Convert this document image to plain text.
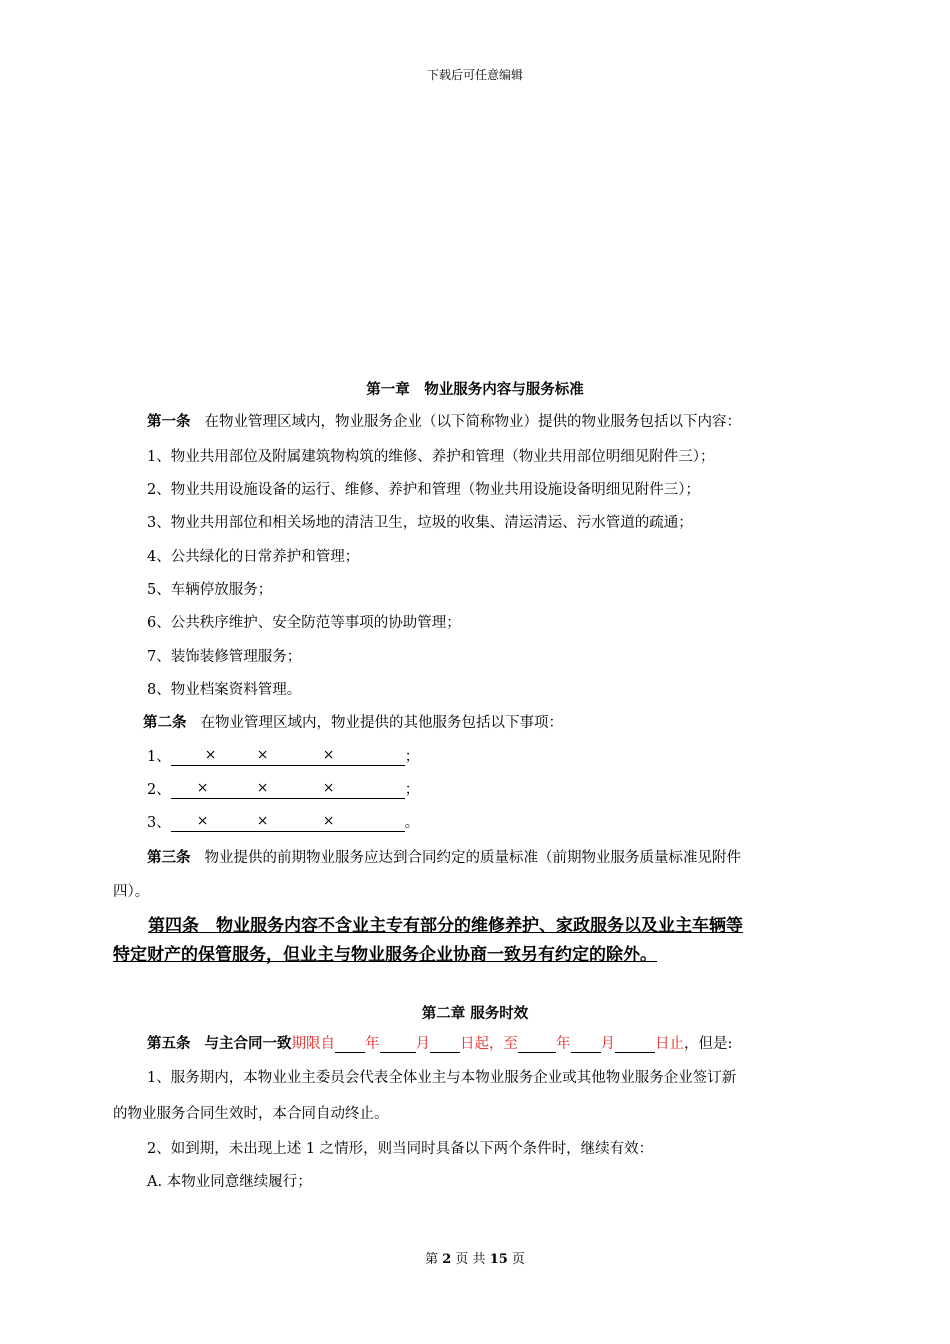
下载后可任意编辑
第一章　物业服务内容与服务标准
第一条 在物业管理区域内，物业服务企业（以下简称物业）提供的物业服务包括以下内容：
1、物业共用部位及附属建筑物构筑的维修、养护和管理（物业共用部位明细见附件三）；
2、物业共用设施设备的运行、维修、养护和管理（物业共用设施设备明细见附件三）；
3、物业共用部位和相关场地的清洁卫生，垃圾的收集、清运清运、污水管道的疏通；
4、公共绿化的日常养护和管理；
5、车辆停放服务；
6、公共秩序维护、安全防范等事项的协助管理；
7、装饰装修管理服务；
8、物业档案资料管理。
第二条 在物业管理区域内，物业提供的其他服务包括以下事项：
1、 ×	×	×	；
2、 ×	×	×	；
3、 ×	×	×	。
第三条 物业提供的前期物业服务应达到合同约定的质量标准（前期物业服务质量标准见附件
四）。
第四条　物业服务内容不含业主专有部分的维修养护、家政服务以及业主车辆等
特定财产的保管服务，但业主与物业服务企业协商一致另有约定的除外。
第二章 服务时效
第五条 与主合同一致期限自 年 月 日起，至	年 月	日止，但是:
1、服务期内，本物业业主委员会代表全体业主与本物业服务企业或其他物业服务企业签订新
的物业服务合同生效时，本合同自动终止。
2、如到期，未出现上述 1 之情形，则当同时具备以下两个条件时，继续有效：
A. 本物业同意继续履行；
第 2 页 共 15 页
